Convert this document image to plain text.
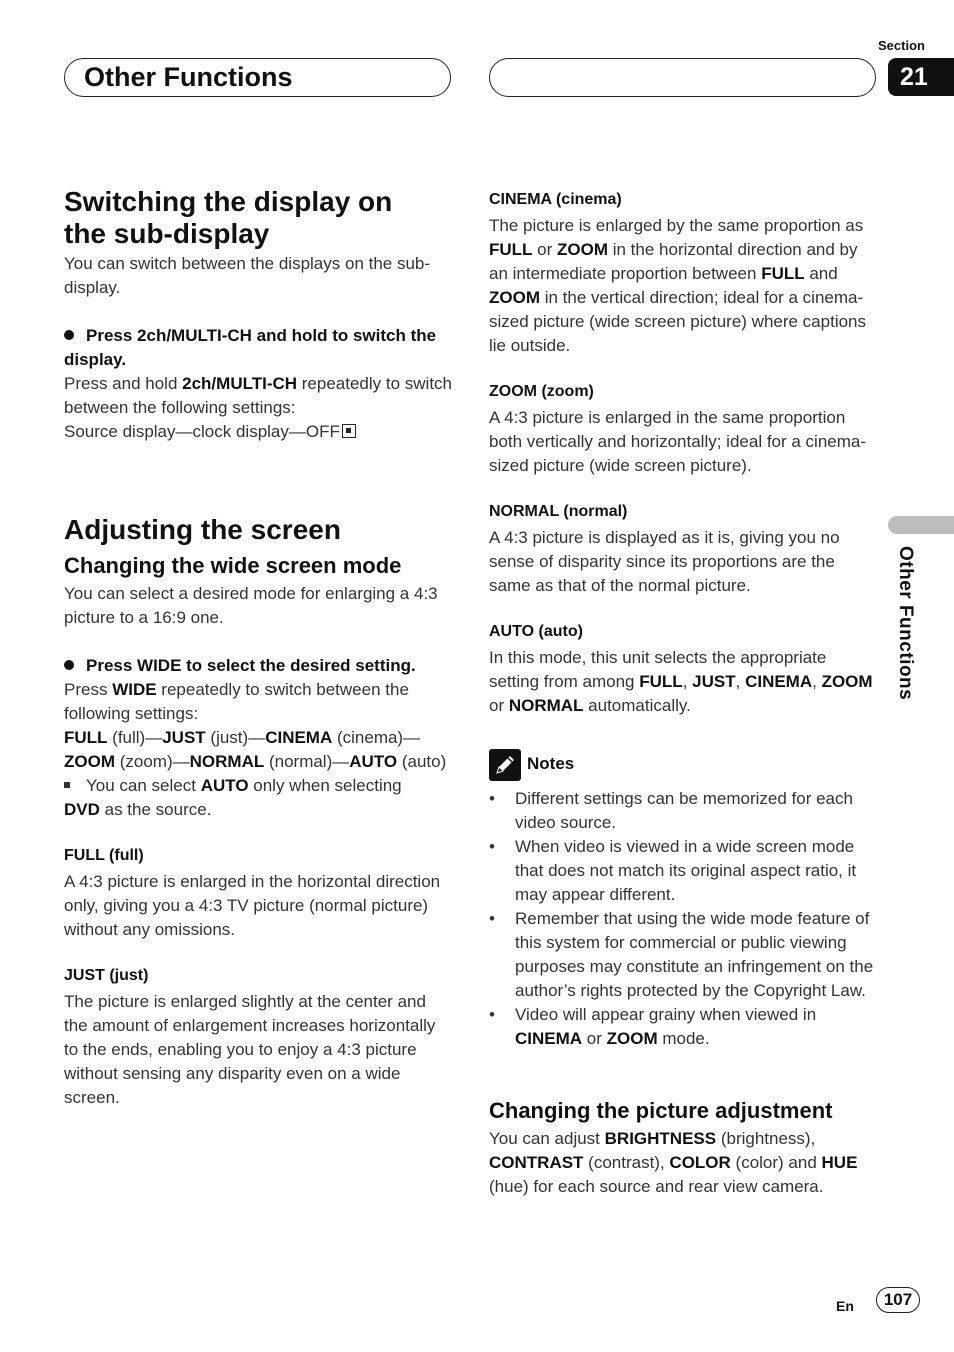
Other Functions
Section
21
Other Functions
Switching the display on the sub-display

You can switch between the displays on the sub-display.

Press 2ch/MULTI-CH and hold to switch the display.

Press and hold 2ch/MULTI-CH repeatedly to switch between the following settings:

Source display—clock display—OFF

Adjusting the screen
Changing the wide screen mode

You can select a desired mode for enlarging a 4:3 picture to a 16:9 one.

Press WIDE to select the desired setting.

Press WIDE repeatedly to switch between the following settings:

FULL (full)—JUST (just)—CINEMA (cinema)—ZOOM (zoom)—NORMAL (normal)—AUTO (auto)

You can select AUTO only when selecting DVD as the source.

FULL (full)

A 4:3 picture is enlarged in the horizontal direction only, giving you a 4:3 TV picture (normal picture) without any omissions.

JUST (just)

The picture is enlarged slightly at the center and the amount of enlargement increases horizontally to the ends, enabling you to enjoy a 4:3 picture without sensing any disparity even on a wide screen.

CINEMA (cinema)

The picture is enlarged by the same proportion as FULL or ZOOM in the horizontal direction and by an intermediate proportion between FULL and ZOOM in the vertical direction; ideal for a cinema-sized picture (wide screen picture) where captions lie outside.

ZOOM (zoom)

A 4:3 picture is enlarged in the same proportion both vertically and horizontally; ideal for a cinema-sized picture (wide screen picture).

NORMAL (normal)

A 4:3 picture is displayed as it is, giving you no sense of disparity since its proportions are the same as that of the normal picture.

AUTO (auto)

In this mode, this unit selects the appropriate setting from among FULL, JUST, CINEMA, ZOOM or NORMAL automatically.

Notes
• Different settings can be memorized for each video source.
• When video is viewed in a wide screen mode that does not match its original aspect ratio, it may appear different.
• Remember that using the wide mode feature of this system for commercial or public viewing purposes may constitute an infringement on the author’s rights protected by the Copyright Law.
• Video will appear grainy when viewed in CINEMA or ZOOM mode.
Changing the picture adjustment

You can adjust BRIGHTNESS (brightness), CONTRAST (contrast), COLOR (color) and HUE (hue) for each source and rear view camera.

En	107
